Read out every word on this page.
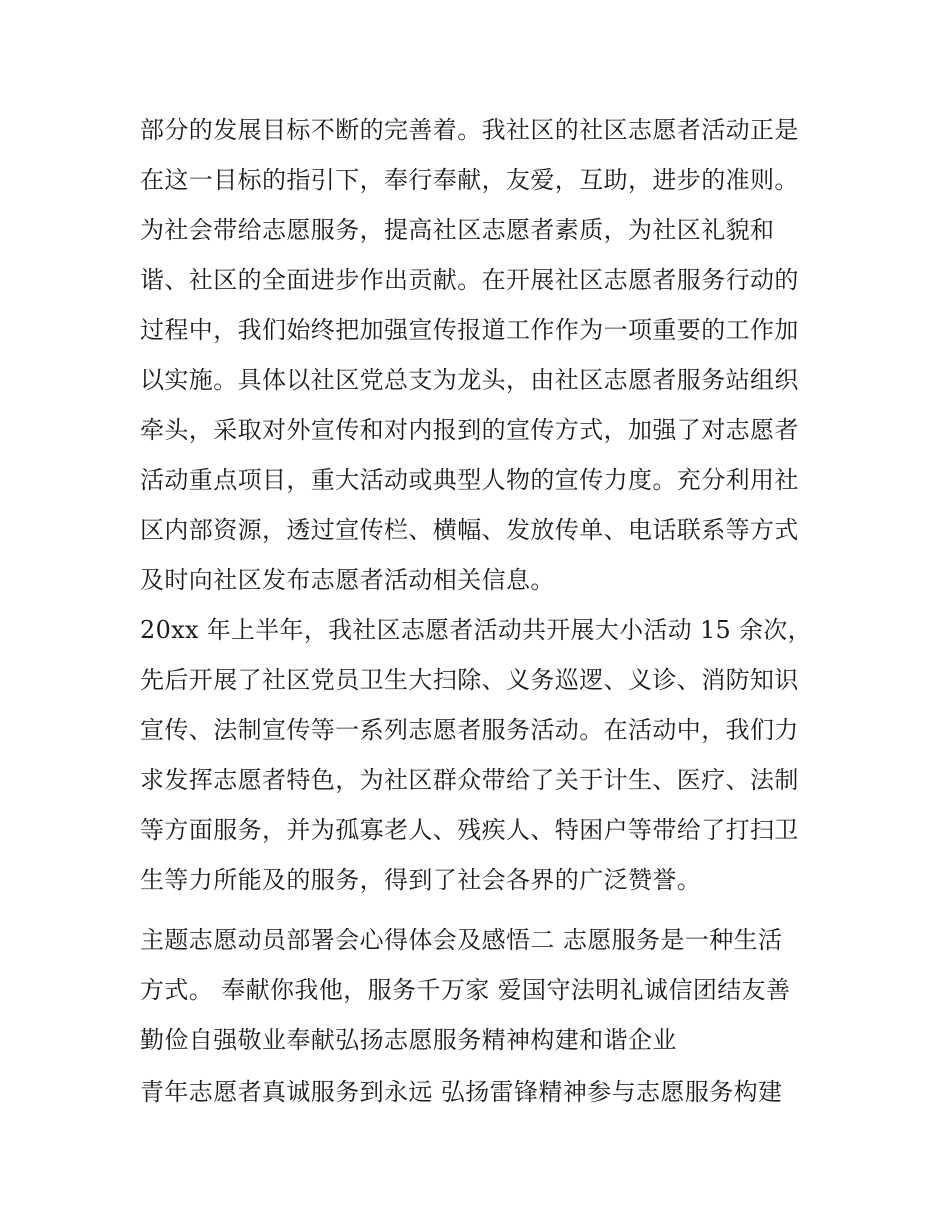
部分的发展目标不断的完善着。我社区的社区志愿者活动正是
在这一目标的指引下，奉行奉献，友爱，互助，进步的准则。
为社会带给志愿服务，提高社区志愿者素质，为社区礼貌和
谐、社区的全面进步作出贡献。在开展社区志愿者服务行动的
过程中，我们始终把加强宣传报道工作作为一项重要的工作加
以实施。具体以社区党总支为龙头，由社区志愿者服务站组织
牵头，采取对外宣传和对内报到的宣传方式，加强了对志愿者
活动重点项目，重大活动或典型人物的宣传力度。充分利用社
区内部资源，透过宣传栏、横幅、发放传单、电话联系等方式
及时向社区发布志愿者活动相关信息。
20xx 年上半年，我社区志愿者活动共开展大小活动 15 余次，
先后开展了社区党员卫生大扫除、义务巡逻、义诊、消防知识
宣传、法制宣传等一系列志愿者服务活动。在活动中，我们力
求发挥志愿者特色，为社区群众带给了关于计生、医疗、法制
等方面服务，并为孤寡老人、残疾人、特困户等带给了打扫卫
生等力所能及的服务，得到了社会各界的广泛赞誉。
主题志愿动员部署会心得体会及感悟二 志愿服务是一种生活
方式。 奉献你我他，服务千万家 爱国守法明礼诚信团结友善
勤俭自强敬业奉献弘扬志愿服务精神构建和谐企业
青年志愿者真诚服务到永远 弘扬雷锋精神参与志愿服务构建
